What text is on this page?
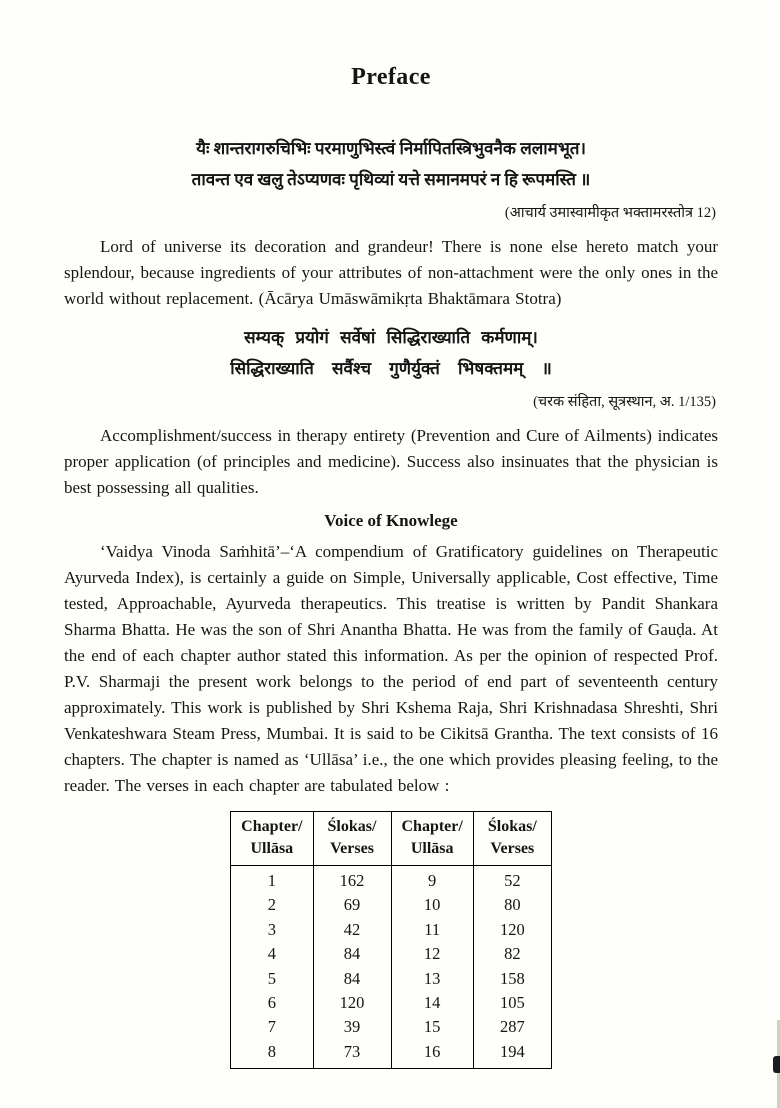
Preface
यैः शान्तरागरुचिभिः परमाणुभिस्त्वं निर्मापितस्त्रिभुवनैक ललामभूत।
तावन्त एव खलु तेऽप्यणवः पृथिव्यां यत्ते समानमपरं न हि रूपमस्ति ॥
(आचार्य उमास्वामीकृत भक्तामरस्तोत्र 12)

Lord of universe its decoration and grandeur! There is none else hereto match your splendour, because ingredients of your attributes of non-attachment were the only ones in the world without replacement. (Ācārya Umāswāmikṛta Bhaktāmara Stotra)

सम्यक् प्रयोगं सर्वेषां सिद्धिराख्याति कर्मणाम्।
सिद्धिराख्याति सर्वैश्च गुणैर्युक्तं भिषक्तमम् ॥
(चरक संहिता, सूत्रस्थान, अ. 1/135)

Accomplishment/success in therapy entirety (Prevention and Cure of Ailments) indicates proper application (of principles and medicine). Success also insinuates that the physician is best possessing all qualities.

Voice of Knowlege

‘Vaidya Vinoda Saṁhitā’–‘A compendium of Gratificatory guidelines on Therapeutic Ayurveda Index), is certainly a guide on Simple, Universally applicable, Cost effective, Time tested, Approachable, Ayurveda therapeutics. This treatise is written by Pandit Shankara Sharma Bhatta. He was the son of Shri Anantha Bhatta. He was from the family of Gauḍa. At the end of each chapter author stated this information. As per the opinion of respected Prof. P.V. Sharmaji the present work belongs to the period of end part of seventeenth century approximately. This work is published by Shri Kshema Raja, Shri Krishnadasa Shreshti, Shri Venkateshwara Steam Press, Mumbai. It is said to be Cikitsā Grantha. The text consists of 16 chapters. The chapter is named as ‘Ullāsa’ i.e., the one which provides pleasing feeling, to the reader. The verses in each chapter are tabulated below :

Chapter/
Ullāsa	Ślokas/
Verses	Chapter/
Ullāsa	Ślokas/
Verses

1	162	9	52
2	69	10	80
3	42	11	120
4	84	12	82
5	84	13	158
6	120	14	105
7	39	15	287
8	73	16	194
